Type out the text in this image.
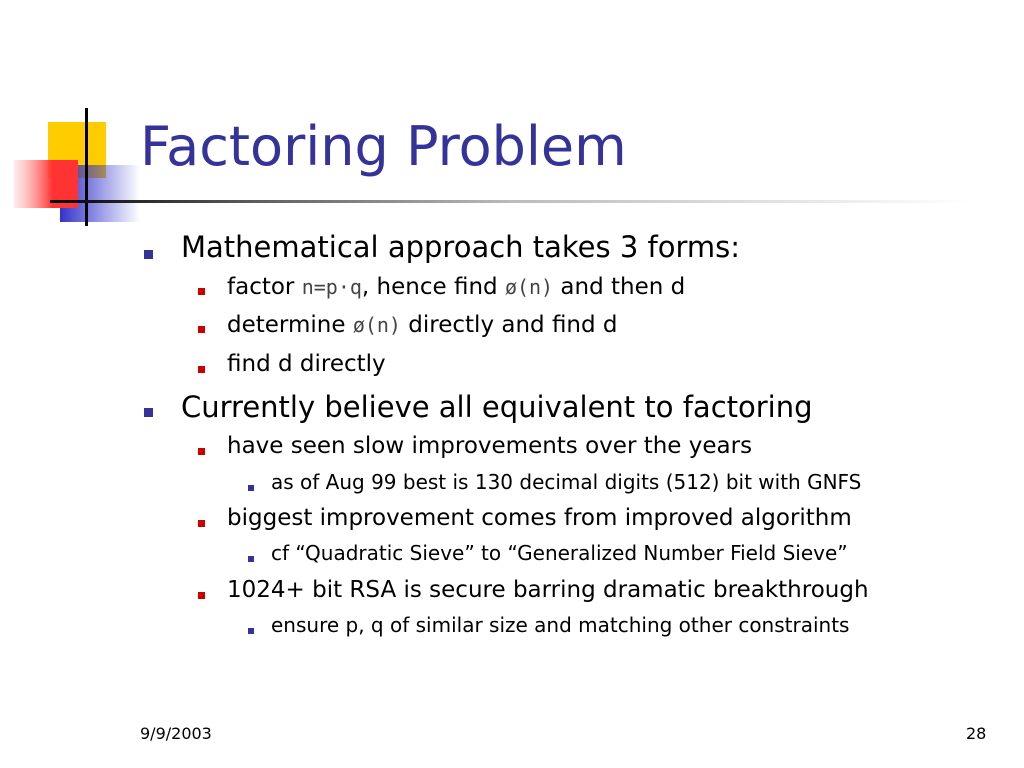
Factoring Problem
Mathematical approach takes 3 forms:
factor n=p·q, hence find ø(n) and then d
determine ø(n) directly and find d
find d directly
Currently believe all equivalent to factoring
have seen slow improvements over the years
as of Aug 99 best is 130 decimal digits (512) bit with GNFS
biggest improvement comes from improved algorithm
cf “Quadratic Sieve” to “Generalized Number Field Sieve”
1024+ bit RSA is secure barring dramatic breakthrough
ensure p, q of similar size and matching other constraints
9/9/2003	28
